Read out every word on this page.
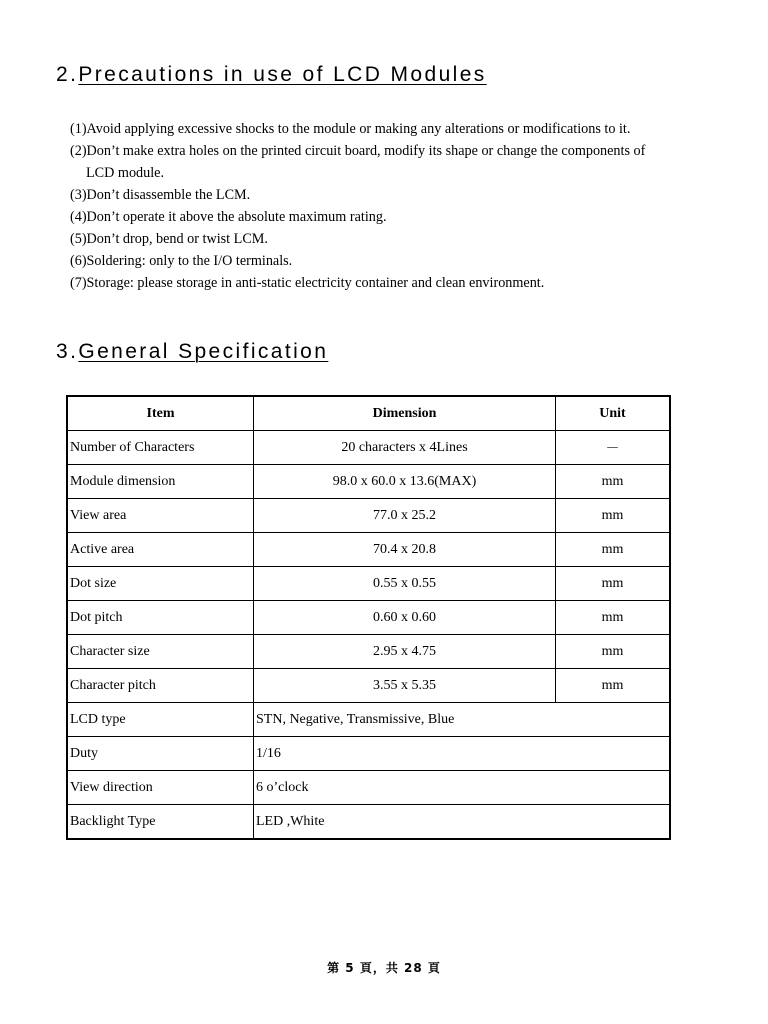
2.Precautions in use of LCD Modules
(1)Avoid applying excessive shocks to the module or making any alterations or modifications to it.
(2)Don’t make extra holes on the printed circuit board, modify its shape or change the components of
LCD module.
(3)Don’t disassemble the LCM.
(4)Don’t operate it above the absolute maximum rating.
(5)Don’t drop, bend or twist LCM.
(6)Soldering: only to the I/O terminals.
(7)Storage: please storage in anti-static electricity container and clean environment.
3.General Specification
Item	Dimension	Unit
Number of Characters	20 characters x 4Lines	－
Module dimension	98.0 x 60.0 x 13.6(MAX)	mm
View area	77.0 x 25.2	mm
Active area	70.4 x 20.8	mm
Dot size	0.55 x 0.55	mm
Dot pitch	0.60 x 0.60	mm
Character size	2.95 x 4.75	mm
Character pitch	3.55 x 5.35	mm
LCD type	STN, Negative, Transmissive, Blue	
Duty	1/16	
View direction	6 o’clock	
Backlight Type	LED ,White	
第 5 頁，共 28 頁
